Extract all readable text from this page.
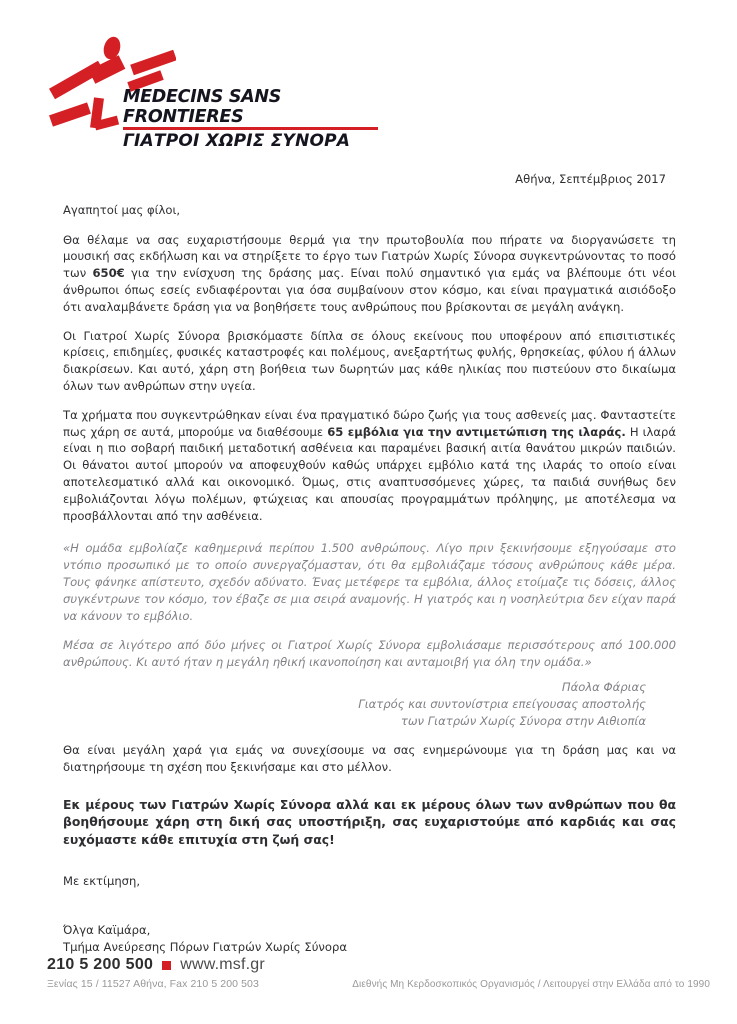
MEDECINS SANS FRONTIERES
ΓΙΑΤΡΟΙ ΧΩΡΙΣ ΣΥΝΟΡΑ
Αθήνα, Σεπτέμβριος 2017
Αγαπητοί μας φίλοι,

Θα θέλαμε να σας ευχαριστήσουμε θερμά για την πρωτοβουλία που πήρατε να διοργανώσετε τη μουσική σας εκδήλωση και να στηρίξετε το έργο των Γιατρών Χωρίς Σύνορα συγκεντρώνοντας το ποσό των 650€ για την ενίσχυση της δράσης μας. Είναι πολύ σημαντικό για εμάς να βλέπουμε ότι νέοι άνθρωποι όπως εσείς ενδιαφέρονται για όσα συμβαίνουν στον κόσμο, και είναι πραγματικά αισιόδοξο ότι αναλαμβάνετε δράση για να βοηθήσετε τους ανθρώπους που βρίσκονται σε μεγάλη ανάγκη.

Οι Γιατροί Χωρίς Σύνορα βρισκόμαστε δίπλα σε όλους εκείνους που υποφέρουν από επισιτιστικές κρίσεις, επιδημίες, φυσικές καταστροφές και πολέμους, ανεξαρτήτως φυλής, θρησκείας, φύλου ή άλλων διακρίσεων. Και αυτό, χάρη στη βοήθεια των δωρητών μας κάθε ηλικίας που πιστεύουν στο δικαίωμα όλων των ανθρώπων στην υγεία.

Τα χρήματα που συγκεντρώθηκαν είναι ένα πραγματικό δώρο ζωής για τους ασθενείς μας. Φανταστείτε πως χάρη σε αυτά, μπορούμε να διαθέσουμε 65 εμβόλια για την αντιμετώπιση της ιλαράς. Η ιλαρά είναι η πιο σοβαρή παιδική μεταδοτική ασθένεια και παραμένει βασική αιτία θανάτου μικρών παιδιών. Οι θάνατοι αυτοί μπορούν να αποφευχθούν καθώς υπάρχει εμβόλιο κατά της ιλαράς το οποίο είναι αποτελεσματικό αλλά και οικονομικό. Όμως, στις αναπτυσσόμενες χώρες, τα παιδιά συνήθως δεν εμβολιάζονται λόγω πολέμων, φτώχειας και απουσίας προγραμμάτων πρόληψης, με αποτέλεσμα να προσβάλλονται από την ασθένεια.

«Η ομάδα εμβολίαζε καθημερινά περίπου 1.500 ανθρώπους. Λίγο πριν ξεκινήσουμε εξηγούσαμε στο ντόπιο προσωπικό με το οποίο συνεργαζόμασταν, ότι θα εμβολιάζαμε τόσους ανθρώπους κάθε μέρα. Τους φάνηκε απίστευτο, σχεδόν αδύνατο. Ένας μετέφερε τα εμβόλια, άλλος ετοίμαζε τις δόσεις, άλλος συγκέντρωνε τον κόσμο, τον έβαζε σε μια σειρά αναμονής. Η γιατρός και η νοσηλεύτρια δεν είχαν παρά να κάνουν το εμβόλιο.

Μέσα σε λιγότερο από δύο μήνες οι Γιατροί Χωρίς Σύνορα εμβολιάσαμε περισσότερους από 100.000 ανθρώπους. Κι αυτό ήταν η μεγάλη ηθική ικανοποίηση και ανταμοιβή για όλη την ομάδα.»

Πάολα Φάριας
Γιατρός και συντονίστρια επείγουσας αποστολής
των Γιατρών Χωρίς Σύνορα στην Αιθιοπία

Θα είναι μεγάλη χαρά για εμάς να συνεχίσουμε να σας ενημερώνουμε για τη δράση μας και να διατηρήσουμε τη σχέση που ξεκινήσαμε και στο μέλλον.

Εκ μέρους των Γιατρών Χωρίς Σύνορα αλλά και εκ μέρους όλων των ανθρώπων που θα βοηθήσουμε χάρη στη δική σας υποστήριξη, σας ευχαριστούμε από καρδιάς και σας ευχόμαστε κάθε επιτυχία στη ζωή σας!

Με εκτίμηση,
Όλγα Καϊμάρα,
Τμήμα Ανεύρεσης Πόρων Γιατρών Χωρίς Σύνορα
210 5 200 500 www.msf.gr
Ξενίας 15 / 11527 Αθήνα, Fax 210 5 200 503	Διεθνής Μη Κερδοσκοπικός Οργανισμός / Λειτουργεί στην Ελλάδα από το 1990
